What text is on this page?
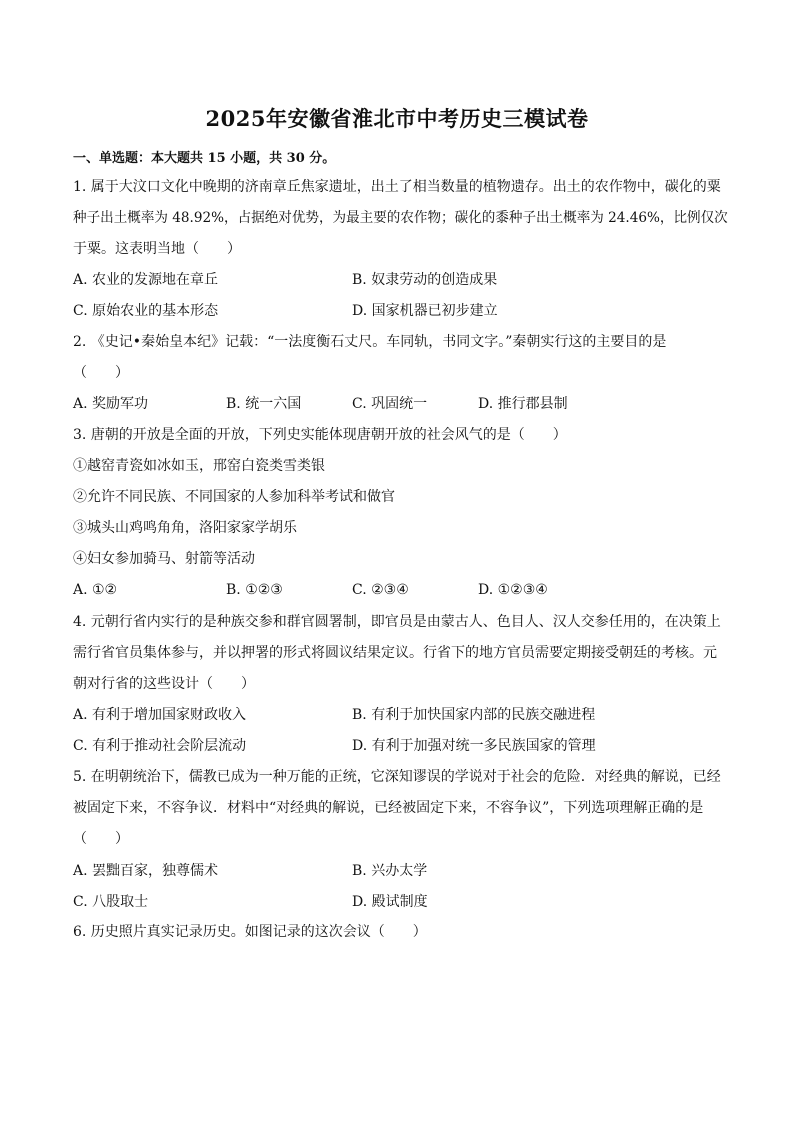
2025年安徽省淮北市中考历史三模试卷
一、单选题：本大题共 15 小题，共 30 分。
1. 属于大汶口文化中晚期的济南章丘焦家遗址，出土了相当数量的植物遗存。出土的农作物中，碳化的粟
种子出土概率为 48.92%，占据绝对优势，为最主要的农作物；碳化的黍种子出土概率为 24.46%，比例仅次
于粟。这表明当地（　　）
A. 农业的发源地在章丘	B. 奴隶劳动的创造成果
C. 原始农业的基本形态	D. 国家机器已初步建立
2. 《史记•秦始皇本纪》记载：“一法度衡石丈尺。车同轨，书同文字。”秦朝实行这的主要目的是
（　　）
A. 奖励军功	B. 统一六国	C. 巩固统一	D. 推行郡县制
3. 唐朝的开放是全面的开放，下列史实能体现唐朝开放的社会风气的是（　　）
①越窑青瓷如冰如玉，邢窑白瓷类雪类银
②允许不同民族、不同国家的人参加科举考试和做官
③城头山鸡鸣角角，洛阳家家学胡乐
④妇女参加骑马、射箭等活动
A. ①②	B. ①②③	C. ②③④	D. ①②③④
4. 元朝行省内实行的是种族交参和群官圆署制，即官员是由蒙古人、色目人、汉人交参任用的，在决策上
需行省官员集体参与，并以押署的形式将圆议结果定议。行省下的地方官员需要定期接受朝廷的考核。元
朝对行省的这些设计（　　）
A. 有利于增加国家财政收入	B. 有利于加快国家内部的民族交融进程
C. 有利于推动社会阶层流动	D. 有利于加强对统一多民族国家的管理
5. 在明朝统治下，儒教已成为一种万能的正统，它深知谬误的学说对于社会的危险．对经典的解说，已经
被固定下来，不容争议．材料中“对经典的解说，已经被固定下来，不容争议”，下列选项理解正确的是
（　　）
A. 罢黜百家，独尊儒术	B. 兴办太学
C. 八股取士	D. 殿试制度
6. 历史照片真实记录历史。如图记录的这次会议（　　）
